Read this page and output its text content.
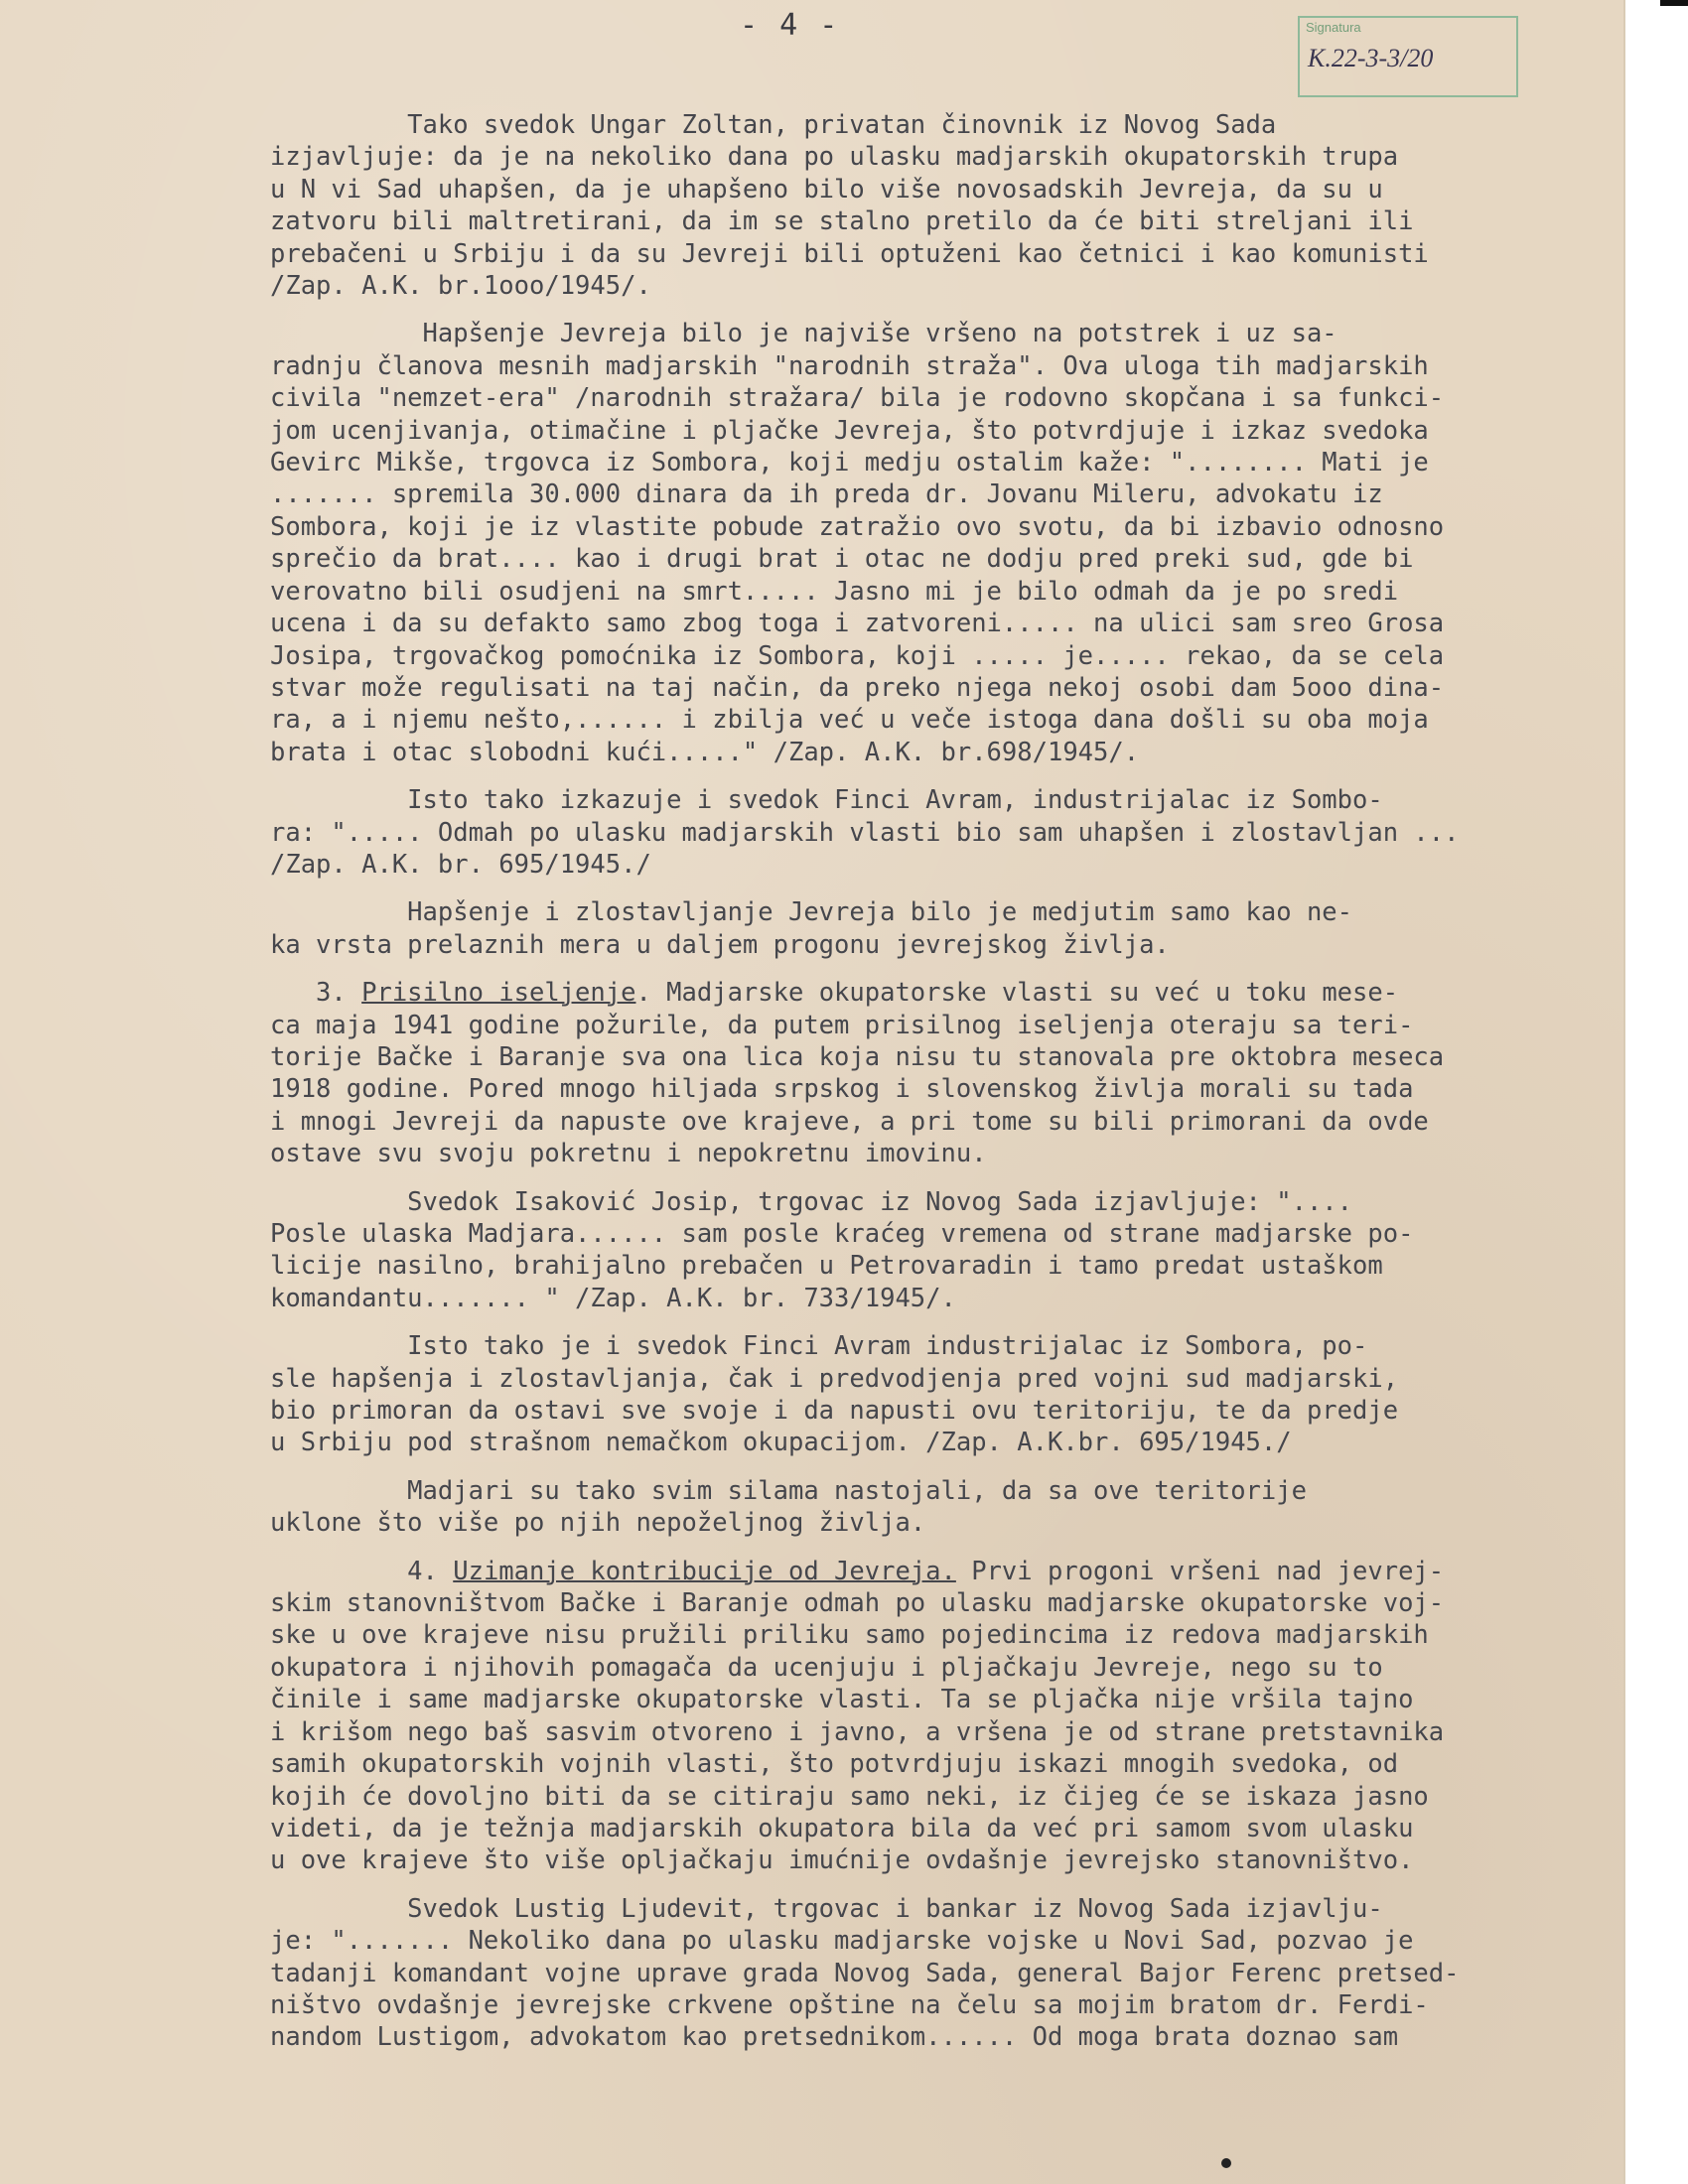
- 4 -	Signatura
K.22-3-3/20

Tako svedok Ungar Zoltan, privatan činovnik iz Novog Sada
izjavljuje: da je na nekoliko dana po ulasku madjarskih okupatorskih trupa
u N vi Sad uhapšen, da je uhapšeno bilo više novosadskih Jevreja, da su u
zatvoru bili maltretirani, da im se stalno pretilo da će biti streljani ili
prebačeni u Srbiju i da su Jevreji bili optuženi kao četnici i kao komunisti
/Zap. A.K. br.1ooo/1945/.

Hapšenje Jevreja bilo je najviše vršeno na potstrek i uz sa-
radnju članova mesnih madjarskih "narodnih straža". Ova uloga tih madjarskih
civila "nemzet-era" /narodnih stražara/ bila je rodovno skopčana i sa funkci-
jom ucenjivanja, otimačine i pljačke Jevreja, što potvrdjuje i izkaz svedoka
Gevirc Mikše, trgovca iz Sombora, koji medju ostalim kaže: "........ Mati je
....... spremila 30.000 dinara da ih preda dr. Jovanu Mileru, advokatu iz
Sombora, koji je iz vlastite pobude zatražio ovo svotu, da bi izbavio odnosno
sprečio da brat.... kao i drugi brat i otac ne dodju pred preki sud, gde bi
verovatno bili osudjeni na smrt..... Jasno mi je bilo odmah da je po sredi
ucena i da su defakto samo zbog toga i zatvoreni..... na ulici sam sreo Grosa
Josipa, trgovačkog pomoćnika iz Sombora, koji ..... je..... rekao, da se cela
stvar može regulisati na taj način, da preko njega nekoj osobi dam 5ooo dina-
ra, a i njemu nešto,...... i zbilja već u veče istoga dana došli su oba moja
brata i otac slobodni kući....." /Zap. A.K. br.698/1945/.

Isto tako izkazuje i svedok Finci Avram, industrijalac iz Sombo-
ra: "..... Odmah po ulasku madjarskih vlasti bio sam uhapšen i zlostavljan ...
/Zap. A.K. br. 695/1945./

Hapšenje i zlostavljanje Jevreja bilo je medjutim samo kao ne-
ka vrsta prelaznih mera u daljem progonu jevrejskog življa.

3. Prisilno iseljenje. Madjarske okupatorske vlasti su već u toku mese-
ca maja 1941 godine požurile, da putem prisilnog iseljenja oteraju sa teri-
torije Bačke i Baranje sva ona lica koja nisu tu stanovala pre oktobra meseca
1918 godine. Pored mnogo hiljada srpskog i slovenskog življa morali su tada
i mnogi Jevreji da napuste ove krajeve, a pri tome su bili primorani da ovde
ostave svu svoju pokretnu i nepokretnu imovinu.

Svedok Isaković Josip, trgovac iz Novog Sada izjavljuje: "....
Posle ulaska Madjara...... sam posle kraćeg vremena od strane madjarske po-
licije nasilno, brahijalno prebačen u Petrovaradin i tamo predat ustaškom
komandantu....... " /Zap. A.K. br. 733/1945/.

Isto tako je i svedok Finci Avram industrijalac iz Sombora, po-
sle hapšenja i zlostavljanja, čak i predvodjenja pred vojni sud madjarski,
bio primoran da ostavi sve svoje i da napusti ovu teritoriju, te da predje
u Srbiju pod strašnom nemačkom okupacijom. /Zap. A.K.br. 695/1945./

Madjari su tako svim silama nastojali, da sa ove teritorije
uklone što više po njih nepoželjnog življa.

4. Uzimanje kontribucije od Jevreja. Prvi progoni vršeni nad jevrej-
skim stanovništvom Bačke i Baranje odmah po ulasku madjarske okupatorske voj-
ske u ove krajeve nisu pružili priliku samo pojedincima iz redova madjarskih
okupatora i njihovih pomagača da ucenjuju i pljačkaju Jevreje, nego su to
činile i same madjarske okupatorske vlasti. Ta se pljačka nije vršila tajno
i krišom nego baš sasvim otvoreno i javno, a vršena je od strane pretstavnika
samih okupatorskih vojnih vlasti, što potvrdjuju iskazi mnogih svedoka, od
kojih će dovoljno biti da se citiraju samo neki, iz čijeg će se iskaza jasno
videti, da je težnja madjarskih okupatora bila da već pri samom svom ulasku
u ove krajeve što više opljačkaju imućnije ovdašnje jevrejsko stanovništvo.

Svedok Lustig Ljudevit, trgovac i bankar iz Novog Sada izjavlju-
je: "....... Nekoliko dana po ulasku madjarske vojske u Novi Sad, pozvao je
tadanji komandant vojne uprave grada Novog Sada, general Bajor Ferenc pretsed-
ništvo ovdašnje jevrejske crkvene opštine na čelu sa mojim bratom dr. Ferdi-
nandom Lustigom, advokatom kao pretsednikom...... Od moga brata doznao sam
